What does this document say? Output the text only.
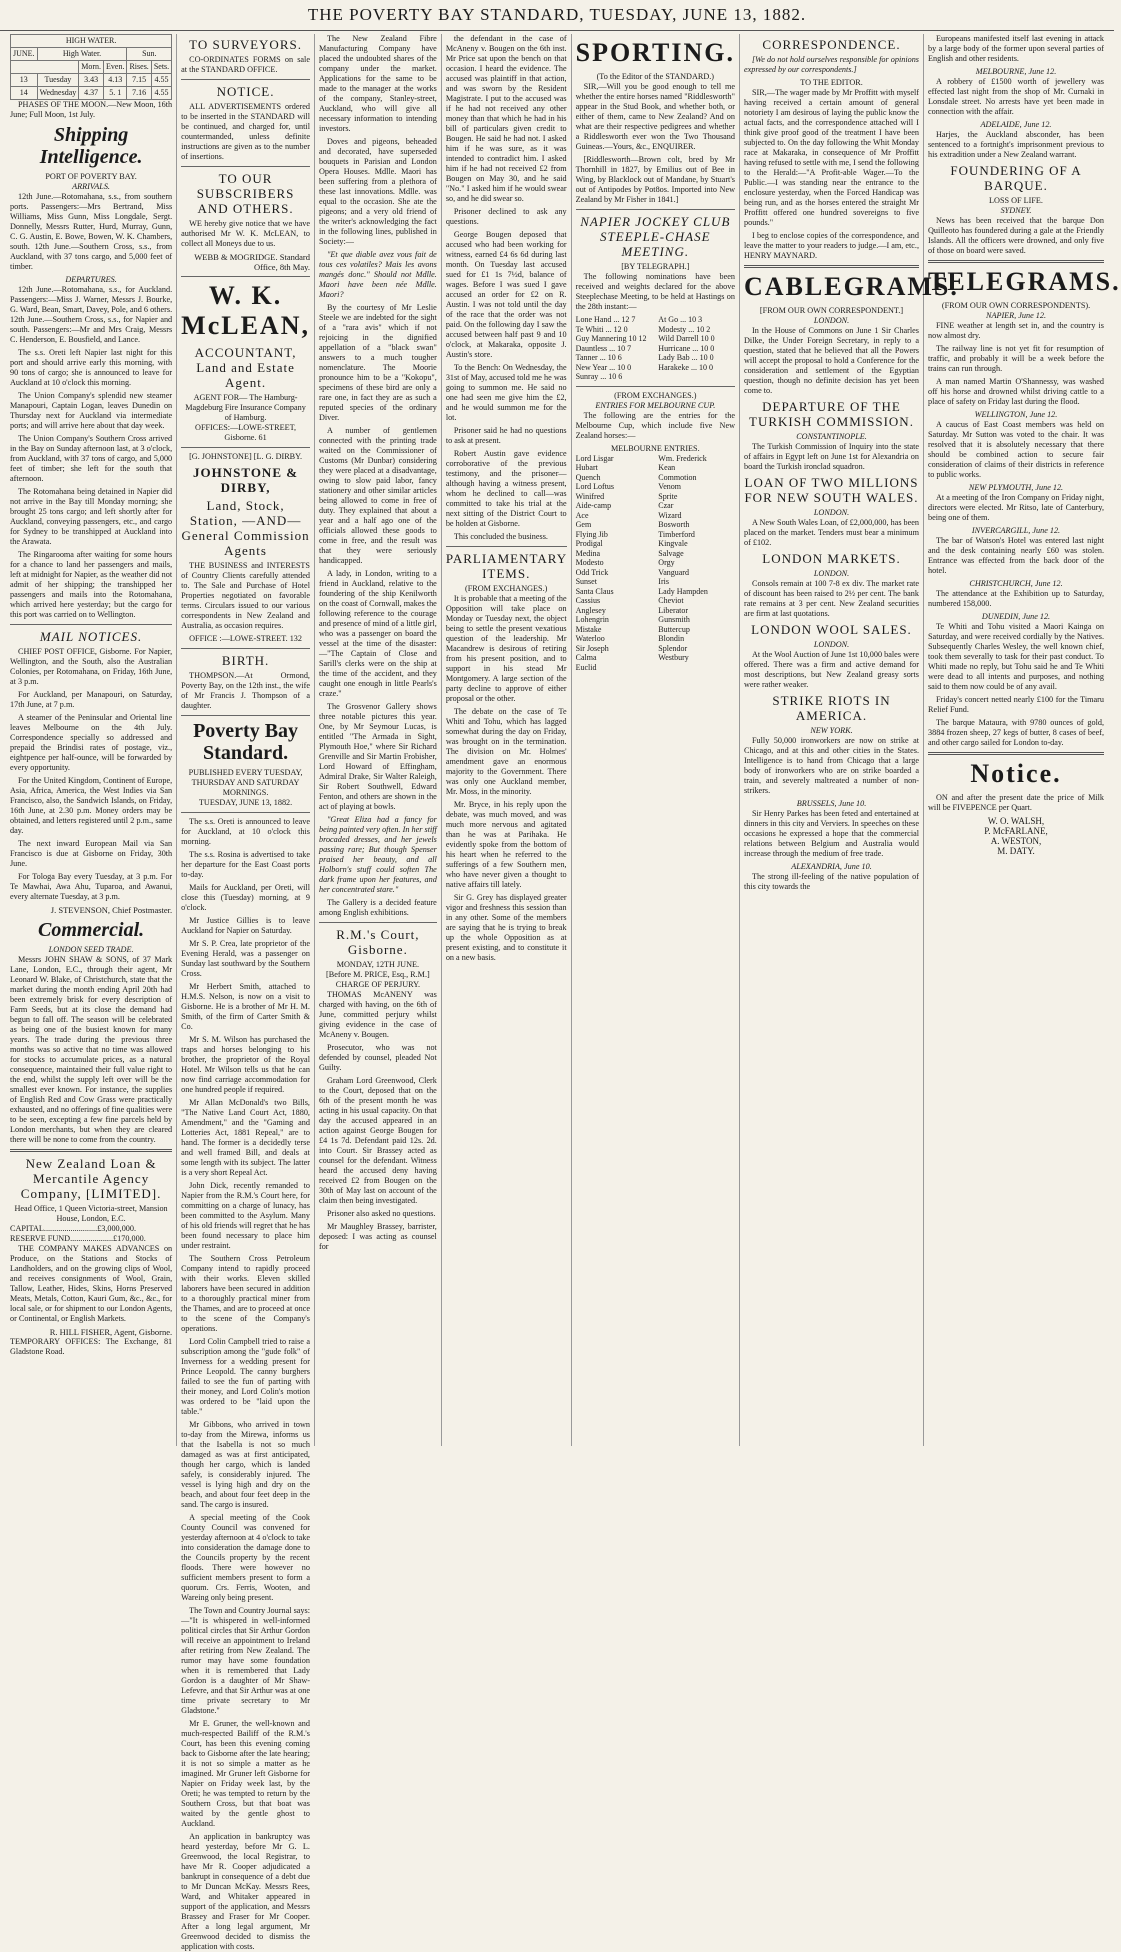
THE POVERTY BAY STANDARD, TUESDAY, JUNE 13, 1882.
HIGH WATER.					
JUNE.	High Water.			Sun.	
		Morn.	Even.	Rises.	Sets.
13	Tuesday	3.43	4.13	7.15	4.55
14	Wednesday	4.37	5. 1	7.16	4.55

PHASES OF THE MOON.—New Moon, 16th June; Full Moon, 1st July.

Shipping Intelligence.
PORT OF POVERTY BAY.
ARRIVALS.

12th June.—Rotomahana, s.s., from southern ports. Passengers:—Mrs Bertrand, Miss Williams, Miss Gunn, Miss Longdale, Sergt. Donnelly, Messrs Rutter, Hurd, Murray, Gunn, C. G. Austin, E. Bowe, Bowen, W. K. Chambers, south. 12th June.—Southern Cross, s.s., from Auckland, with 37 tons cargo, and 5,000 feet of timber.

DEPARTURES.

12th June.—Rotomahana, s.s., for Auckland. Passengers:—Miss J. Warner, Messrs J. Bourke, G. Ward, Bean, Smart, Davey, Pole, and 6 others. 12th June.—Southern Cross, s.s., for Napier and south. Passengers:—Mr and Mrs Craig, Messrs C. Henderson, E. Bousfield, and Lance.

The s.s. Oreti left Napier last night for this port and should arrive early this morning, with 90 tons of cargo; she is announced to leave for Auckland at 10 o'clock this morning.

The Union Company's splendid new steamer Manapouri, Captain Logan, leaves Dunedin on Thursday next for Auckland via intermediate ports; and will arrive here about that day week.

The Union Company's Southern Cross arrived in the Bay on Sunday afternoon last, at 3 o'clock, from Auckland, with 37 tons of cargo, and 5,000 feet of timber; she left for the south that afternoon.

The Rotomahana being detained in Napier did not arrive in the Bay till Monday morning; she brought 25 tons cargo; and left shortly after for Auckland, conveying passengers, etc., and cargo for Sydney to be transhipped at Auckland into the Arawata.

The Ringarooma after waiting for some hours for a chance to land her passengers and mails, left at midnight for Napier, as the weather did not admit of her shipping; the transhipped her passengers and mails into the Rotomahana, which arrived here yesterday; but the cargo for this port was carried on to Wellington.

MAIL NOTICES.

CHIEF POST OFFICE, Gisborne. For Napier, Wellington, and the South, also the Australian Colonies, per Rotomahana, on Friday, 16th June, at 3 p.m.

For Auckland, per Manapouri, on Saturday, 17th June, at 7 p.m.

A steamer of the Peninsular and Oriental line leaves Melbourne on the 4th July. Correspondence specially so addressed and prepaid the Brindisi rates of postage, viz., eightpence per half-ounce, will be forwarded by every opportunity.

For the United Kingdom, Continent of Europe, Asia, Africa, America, the West Indies via San Francisco, also, the Sandwich Islands, on Friday, 16th June, at 2.30 p.m. Money orders may be obtained, and letters registered until 2 p.m., same day.

The next inward European Mail via San Francisco is due at Gisborne on Friday, 30th June.

For Tologa Bay every Tuesday, at 3 p.m. For Te Mawhai, Awa Ahu, Tuparoa, and Awanui, every alternate Tuesday, at 3 p.m.

J. STEVENSON, Chief Postmaster.
Commercial.
LONDON SEED TRADE.

Messrs JOHN SHAW & SONS, of 37 Mark Lane, London, E.C., through their agent, Mr Leonard W. Blake, of Christchurch, state that the market during the month ending April 20th had been extremely brisk for every description of Farm Seeds, but at its close the demand had begun to fall off. The season will be celebrated as being one of the busiest known for many years. The trade during the previous three months was so active that no time was allowed for stocks to accumulate prices, as a natural consequence, maintained their full value right to the end, whilst the supply left over will be the smallest ever known. For instance, the supplies of English Red and Cow Grass were practically exhausted, and no offerings of fine qualities were to be seen, excepting a few fine parcels held by London merchants, but when they are cleared there will be none to come from the country.

New Zealand Loan & Mercantile Agency Company, [LIMITED].
Head Office, 1 Queen Victoria-street, Mansion House, London, E.C.
CAPITAL..........................£3,000,000.
RESERVE FUND.....................£170,000.

THE COMPANY MAKES ADVANCES on Produce, on the Stations and Stocks of Landholders, and on the growing clips of Wool, and receives consignments of Wool, Grain, Tallow, Leather, Hides, Skins, Horns Preserved Meats, Metals, Cotton, Kauri Gum, &c., &c., for local sale, or for shipment to our London Agents, or Continental, or English Markets.

R. HILL FISHER, Agent, Gisborne.
TEMPORARY OFFICES: The Exchange, 81 Gladstone Road.
TO SURVEYORS.

CO-ORDINATES FORMS on sale at the STANDARD OFFICE.

NOTICE.

ALL ADVERTISEMENTS ordered to be inserted in the STANDARD will be continued, and charged for, until countermanded, unless definite instructions are given as to the number of insertions.

TO OUR SUBSCRIBERS AND OTHERS.

WE hereby give notice that we have authorised Mr W. K. McLEAN, to collect all Moneys due to us.

WEBB & MOGRIDGE. Standard Office, 8th May.
W. K. McLEAN,
ACCOUNTANT, Land and Estate Agent.
AGENT FOR— The Hamburg-Magdeburg Fire Insurance Company of Hamburg.
OFFICES:—LOWE-STREET, Gisborne. 61
[G. JOHNSTONE] [L. G. DIRBY.
JOHNSTONE & DIRBY,
Land, Stock, Station, —AND— General Commission Agents

THE BUSINESS and INTERESTS of Country Clients carefully attended to. The Sale and Purchase of Hotel Properties negotiated on favorable terms. Circulars issued to our various correspondents in New Zealand and Australia, as occasion requires.

OFFICE :—LOWE-STREET. 132
BIRTH.

THOMPSON.—At Ormond, Poverty Bay, on the 12th inst., the wife of Mr Francis J. Thompson of a daughter.

Poverty Bay Standard.
PUBLISHED EVERY TUESDAY, THURSDAY AND SATURDAY MORNINGS.
TUESDAY, JUNE 13, 1882.

The s.s. Oreti is announced to leave for Auckland, at 10 o'clock this morning.

The s.s. Rosina is advertised to take her departure for the East Coast ports to-day.

Mails for Auckland, per Oreti, will close this (Tuesday) morning, at 9 o'clock.

Mr Justice Gillies is to leave Auckland for Napier on Saturday.

Mr S. P. Crea, late proprietor of the Evening Herald, was a passenger on Sunday last southward by the Southern Cross.

Mr Herbert Smith, attached to H.M.S. Nelson, is now on a visit to Gisborne. He is a brother of Mr H. M. Smith, of the firm of Carter Smith & Co.

Mr S. M. Wilson has purchased the traps and horses belonging to his brother, the proprietor of the Royal Hotel. Mr Wilson tells us that he can now find carriage accommodation for one hundred people if required.

Mr Allan McDonald's two Bills, "The Native Land Court Act, 1880, Amendment," and the "Gaming and Lotteries Act, 1881 Repeal," are to hand. The former is a decidedly terse and well framed Bill, and deals at some length with its subject. The latter is a very short Repeal Act.

John Dick, recently remanded to Napier from the R.M.'s Court here, for committing on a charge of lunacy, has been committed to the Asylum. Many of his old friends will regret that he has been found necessary to place him under restraint.

The Southern Cross Petroleum Company intend to rapidly proceed with their works. Eleven skilled laborers have been secured in addition to a thoroughly practical miner from the Thames, and are to proceed at once to the scene of the Company's operations.

Lord Colin Campbell tried to raise a subscription among the "gude folk" of Inverness for a wedding present for Prince Leopold. The canny burghers failed to see the fun of parting with their money, and Lord Colin's motion was ordered to be "laid upon the table."

Mr Gibbons, who arrived in town to-day from the Mirewa, informs us that the Isabella is not so much damaged as was at first anticipated, though her cargo, which is landed safely, is considerably injured. The vessel is lying high and dry on the beach, and about four feet deep in the sand. The cargo is insured.

A special meeting of the Cook County Council was convened for yesterday afternoon at 4 o'clock to take into consideration the damage done to the Councils property by the recent floods. There were however no sufficient members present to form a quorum. Crs. Ferris, Wooten, and Wareing only being present.

The Town and Country Journal says:—"It is whispered in well-informed political circles that Sir Arthur Gordon will receive an appointment to Ireland after retiring from New Zealand. The rumor may have some foundation when it is remembered that Lady Gordon is a daughter of Mr Shaw-Lefevre, and that Sir Arthur was at one time private secretary to Mr Gladstone."

Mr E. Gruner, the well-known and much-respected Bailiff of the R.M.'s Court, has been this evening coming back to Gisborne after the late hearing; it is not so simple a matter as he imagined. Mr Gruner left Gisborne for Napier on Friday week last, by the Oreti; he was tempted to return by the Southern Cross, but that boat was waited by the gentle ghost to Auckland.

An application in bankruptcy was heard yesterday, before Mr G. L. Greenwood, the local Registrar, to have Mr R. Cooper adjudicated a bankrupt in consequence of a debt due to Mr Duncan McKay. Messrs Rees, Ward, and Whitaker appeared in support of the application, and Messrs Brassey and Fraser for Mr Cooper. After a long legal argument, Mr Greenwood decided to dismiss the application with costs.

The New Zealand Fibre Manufacturing Company have placed the undoubted shares of the company under the market. Applications for the same to be made to the manager at the works of the company, Stanley-street, Auckland, who will give all necessary information to intending investors.

Doves and pigeons, beheaded and decorated, have superseded bouquets in Parisian and London Opera Houses. Mdlle. Maori has been suffering from a plethora of these last innovations. Mdlle. was equal to the occasion. She ate the pigeons; and a very old friend of the writer's acknowledging the fact in the following lines, published in Society:—

"Et que diable avez vous fait de tous ces volatiles? Mais les avons mangés donc." Should not Mdlle. Maori have been née Mdlle. Maori?

By the courtesy of Mr Leslie Steele we are indebted for the sight of a "rara avis" which if not rejoicing in the dignified appellation of a "black swan" answers to a much tougher nomenclature. The Moorie pronounce him to be a "Kokopu", specimens of these bird are only a rare one, in fact they are as such a reputed species of the ordinary Diver.

A number of gentlemen connected with the printing trade waited on the Commissioner of Customs (Mr Dunbar) considering they were placed at a disadvantage, owing to slow paid labor, fancy stationery and other similar articles being allowed to come in free of duty. They explained that about a year and a half ago one of the officials allowed these goods to come in free, and the result was that they were seriously handicapped.

A lady, in London, writing to a friend in Auckland, relative to the foundering of the ship Kenilworth on the coast of Cornwall, makes the following reference to the courage and presence of mind of a little girl, who was a passenger on board the vessel at the time of the disaster:—"The Captain of Close and Sarill's clerks were on the ship at the time of the accident, and they caught one enough in little Pearls's craze."

The Grosvenor Gallery shows three notable pictures this year. One, by Mr Seymour Lucas, is entitled "The Armada in Sight, Plymouth Hoe," where Sir Richard Grenville and Sir Martin Frobisher, Lord Howard of Effingham, Admiral Drake, Sir Walter Raleigh, Sir Robert Southwell, Edward Fenton, and others are shown in the act of playing at bowls.

"Great Eliza had a fancy for being painted very often. In her stiff brocaded dresses, and her jewels passing rare; But though Spenser praised her beauty, and all Holborn's stuff could soften The dark frame upon her features, and her concentrated stare."

The Gallery is a decided feature among English exhibitions.

R.M.'s Court, Gisborne.
MONDAY, 12TH JUNE.
[Before M. PRICE, Esq., R.M.]
CHARGE OF PERJURY.

THOMAS McANENY was charged with having, on the 6th of June, committed perjury whilst giving evidence in the case of McAneny v. Bougen.

Prosecutor, who was not defended by counsel, pleaded Not Guilty.

Graham Lord Greenwood, Clerk to the Court, deposed that on the 6th of the present month he was acting in his usual capacity. On that day the accused appeared in an action against George Bougen for £4 1s 7d. Defendant paid 12s. 2d. into Court. Sir Brassey acted as counsel for the defendant. Witness heard the accused deny having received £2 from Bougen on the 30th of May last on account of the claim then being investigated.

Prisoner also asked no questions.

Mr Maughley Brassey, barrister, deposed: I was acting as counsel for

the defendant in the case of McAneny v. Bougen on the 6th inst. Mr Price sat upon the bench on that occasion. I heard the evidence. The accused was plaintiff in that action, and was sworn by the Resident Magistrate. I put to the accused was if he had not received any other money than that which he had in his bill of particulars given credit to Bougen. He said he had not. I asked him if he was sure, as it was intended to contradict him. I asked him if he had not received £2 from Bougen on May 30, and he said "No." I asked him if he would swear so, and he did swear so.

Prisoner declined to ask any questions.

George Bougen deposed that accused who had been working for witness, earned £4 6s 6d during last month. On Tuesday last accused sued for £1 1s 7½d, balance of wages. Before I was sued I gave accused an order for £2 on R. Austin. I was not told until the day of the race that the order was not paid. On the following day I saw the accused between half past 9 and 10 o'clock, at Makaraka, opposite J. Austin's store.

To the Bench: On Wednesday, the 31st of May, accused told me he was going to summon me. He said no one had seen me give him the £2, and he would summon me for the lot.

Prisoner said he had no questions to ask at present.

Robert Austin gave evidence corroborative of the previous testimony, and the prisoner—although having a witness present, whom he declined to call—was committed to take his trial at the next sitting of the District Court to be holden at Gisborne.

This concluded the business.

PARLIAMENTARY ITEMS.
(FROM EXCHANGES.)

It is probable that a meeting of the Opposition will take place on Monday or Tuesday next, the object being to settle the present vexatious question of the leadership. Mr Macandrew is desirous of retiring from his present position, and to support in his stead Mr Montgomery. A large section of the party decline to approve of either proposal or the other.

The debate on the case of Te Whiti and Tohu, which has lagged somewhat during the day on Friday, was brought on in the termination. The division on Mr. Holmes' amendment gave an enormous majority to the Government. There was only one Auckland member, Mr. Moss, in the minority.

Mr. Bryce, in his reply upon the debate, was much moved, and was much more nervous and agitated than he was at Parihaka. He evidently spoke from the bottom of his heart when he referred to the sufferings of a few Southern men, who have never given a thought to native affairs till lately.

Sir G. Grey has displayed greater vigor and freshness this session than in any other. Some of the members are saying that he is trying to break up the whole Opposition as at present existing, and to constitute it on a new basis.

SPORTING.
(To the Editor of the STANDARD.)

SIR,—Will you be good enough to tell me whether the entire horses named "Riddlesworth" appear in the Stud Book, and whether both, or either of them, came to New Zealand? And on what are their respective pedigrees and whether a Riddlesworth ever won the Two Thousand Guineas.—Yours, &c., ENQUIRER.

[Riddlesworth—Brown colt, bred by Mr Thornhill in 1827, by Emilius out of Bee in Wing, by Blacklock out of Mandane, by Stuart's out of Antipodes by Pot8os. Imported into New Zealand by Mr Fisher in 1841.]

NAPIER JOCKEY CLUB STEEPLE-CHASE MEETING.
[BY TELEGRAPH.]

The following nominations have been received and weights declared for the above Steeplechase Meeting, to be held at Hastings on the 28th instant:—

Lone Hand ... 12 7
Te Whiti ... 12 0
Guy Mannering 10 12
Dauntless ... 10 7
Tanner ... 10 6
New Year ... 10 0
Sunray ... 10 6
At Go ... 10 3
Modesty ... 10 2
Wild Darrell 10 0
Hurricane ... 10 0
Lady Bab ... 10 0
Harakeke ... 10 0
(FROM EXCHANGES.)
ENTRIES FOR MELBOURNE CUP.

The following are the entries for the Melbourne Cup, which include five New Zealand horses:—

MELBOURNE ENTRIES.
Lord Lisgar
Hubart
Quench
Lord Loftus
Winifred
Aide-camp
Ace
Gem
Flying Jib
Prodigal
Medina
Modesto
Odd Trick
Sunset
Santa Claus
Cassius
Anglesey
Lohengrin
Mistake
Waterloo
Sir Joseph
Calma
Euclid
Wm. Frederick
Kean
Commotion
Venom
Sprite
Czar
Wizard
Bosworth
Timberford
Kingvale
Salvage
Orgy
Vanguard
Iris
Lady Hampden
Cheviot
Liberator
Gunsmith
Buttercup
Blondin
Splendor
Westbury
CORRESPONDENCE.

[We do not hold ourselves responsible for opinions expressed by our correspondents.]

TO THE EDITOR.

SIR,—The wager made by Mr Proffitt with myself having received a certain amount of general notoriety I am desirous of laying the public know the actual facts, and the correspondence attached will I think give proof good of the treatment I have been subjected to. On the day following the Whit Monday race at Makaraka, in consequence of Mr Proffitt having refused to settle with me, I send the following to the Herald:—"A Profit-able Wager.—To the Public.—I was standing near the entrance to the enclosure yesterday, when the Forced Handicap was being run, and as the horses entered the straight Mr Proffitt offered one hundred sovereigns to five pounds."

I beg to enclose copies of the correspondence, and leave the matter to your readers to judge.—I am, etc., HENRY MAYNARD.

CABLEGRAMS.
[FROM OUR OWN CORRESPONDENT.]
LONDON.

In the House of Commons on June 1 Sir Charles Dilke, the Under Foreign Secretary, in reply to a question, stated that he believed that all the Powers will accept the proposal to hold a Conference for the consideration and settlement of the Egyptian question, though no definite decision has yet been come to.

DEPARTURE OF THE TURKISH COMMISSION.
CONSTANTINOPLE.

The Turkish Commission of Inquiry into the state of affairs in Egypt left on June 1st for Alexandria on board the Turkish ironclad squadron.

LOAN OF TWO MILLIONS FOR NEW SOUTH WALES.
LONDON.

A New South Wales Loan, of £2,000,000, has been placed on the market. Tenders must bear a minimum of £102.

LONDON MARKETS.
LONDON.

Consols remain at 100 7-8 ex div. The market rate of discount has been raised to 2½ per cent. The bank rate remains at 3 per cent. New Zealand securities are firm at last quotations.

LONDON WOOL SALES.
LONDON.

At the Wool Auction of June 1st 10,000 bales were offered. There was a firm and active demand for most descriptions, but New Zealand greasy sorts were rather weaker.

STRIKE RIOTS IN AMERICA.
NEW YORK.

Fully 50,000 ironworkers are now on strike at Chicago, and at this and other cities in the States. Intelligence is to hand from Chicago that a large body of ironworkers who are on strike boarded a train, and severely maltreated a number of non-strikers.

BRUSSELS, June 10.

Sir Henry Parkes has been feted and entertained at dinners in this city and Verviers. In speeches on these occasions he expressed a hope that the commercial relations between Belgium and Australia would increase through the medium of free trade.

ALEXANDRIA, June 10.

The strong ill-feeling of the native population of this city towards the

Europeans manifested itself last evening in attack by a large body of the former upon several parties of English and other residents.

MELBOURNE, June 12.

A robbery of £1500 worth of jewellery was effected last night from the shop of Mr. Curnaki in Lonsdale street. No arrests have yet been made in connection with the affair.

ADELAIDE, June 12.

Harjes, the Auckland absconder, has been sentenced to a fortnight's imprisonment previous to his extradition under a New Zealand warrant.

FOUNDERING OF A BARQUE.
LOSS OF LIFE.
SYDNEY.

News has been received that the barque Don Quilleoto has foundered during a gale at the Friendly Islands. All the officers were drowned, and only five of those on board were saved.

TELEGRAMS.
(FROM OUR OWN CORRESPONDENTS).
NAPIER, June 12.

FINE weather at length set in, and the country is now almost dry.

The railway line is not yet fit for resumption of traffic, and probably it will be a week before the trains can run through.

A man named Martin O'Shannessy, was washed off his horse and drowned whilst driving cattle to a place of safety on Friday last during the flood.

WELLINGTON, June 12.

A caucus of East Coast members was held on Saturday. Mr Sutton was voted to the chair. It was resolved that it is absolutely necessary that there should be combined action to secure fair consideration of claims of their districts in reference to public works.

NEW PLYMOUTH, June 12.

At a meeting of the Iron Company on Friday night, directors were elected. Mr Ritso, late of Canterbury, being one of them.

INVERCARGILL, June 12.

The bar of Watson's Hotel was entered last night and the desk containing nearly £60 was stolen. Entrance was effected from the back door of the hotel.

CHRISTCHURCH, June 12.

The attendance at the Exhibition up to Saturday, numbered 158,000.

DUNEDIN, June 12.

Te Whiti and Tohu visited a Maori Kainga on Saturday, and were received cordially by the Natives. Subsequently Charles Wesley, the well known chief, took them severally to task for their past conduct. To Whiti made no reply, but Tohu said he and Te Whiti were dead to all intents and purposes, and nothing said to them now could be of any avail.

Friday's concert netted nearly £100 for the Timaru Relief Fund.

The barque Mataura, with 9780 ounces of gold, 3884 frozen sheep, 27 kegs of butter, 8 cases of beef, and other cargo sailed for London to-day.

Notice.

ON and after the present date the price of Milk will be FIVEPENCE per Quart.

W. O. WALSH,
P. McFARLANE,
A. WESTON,
M. DATY.
